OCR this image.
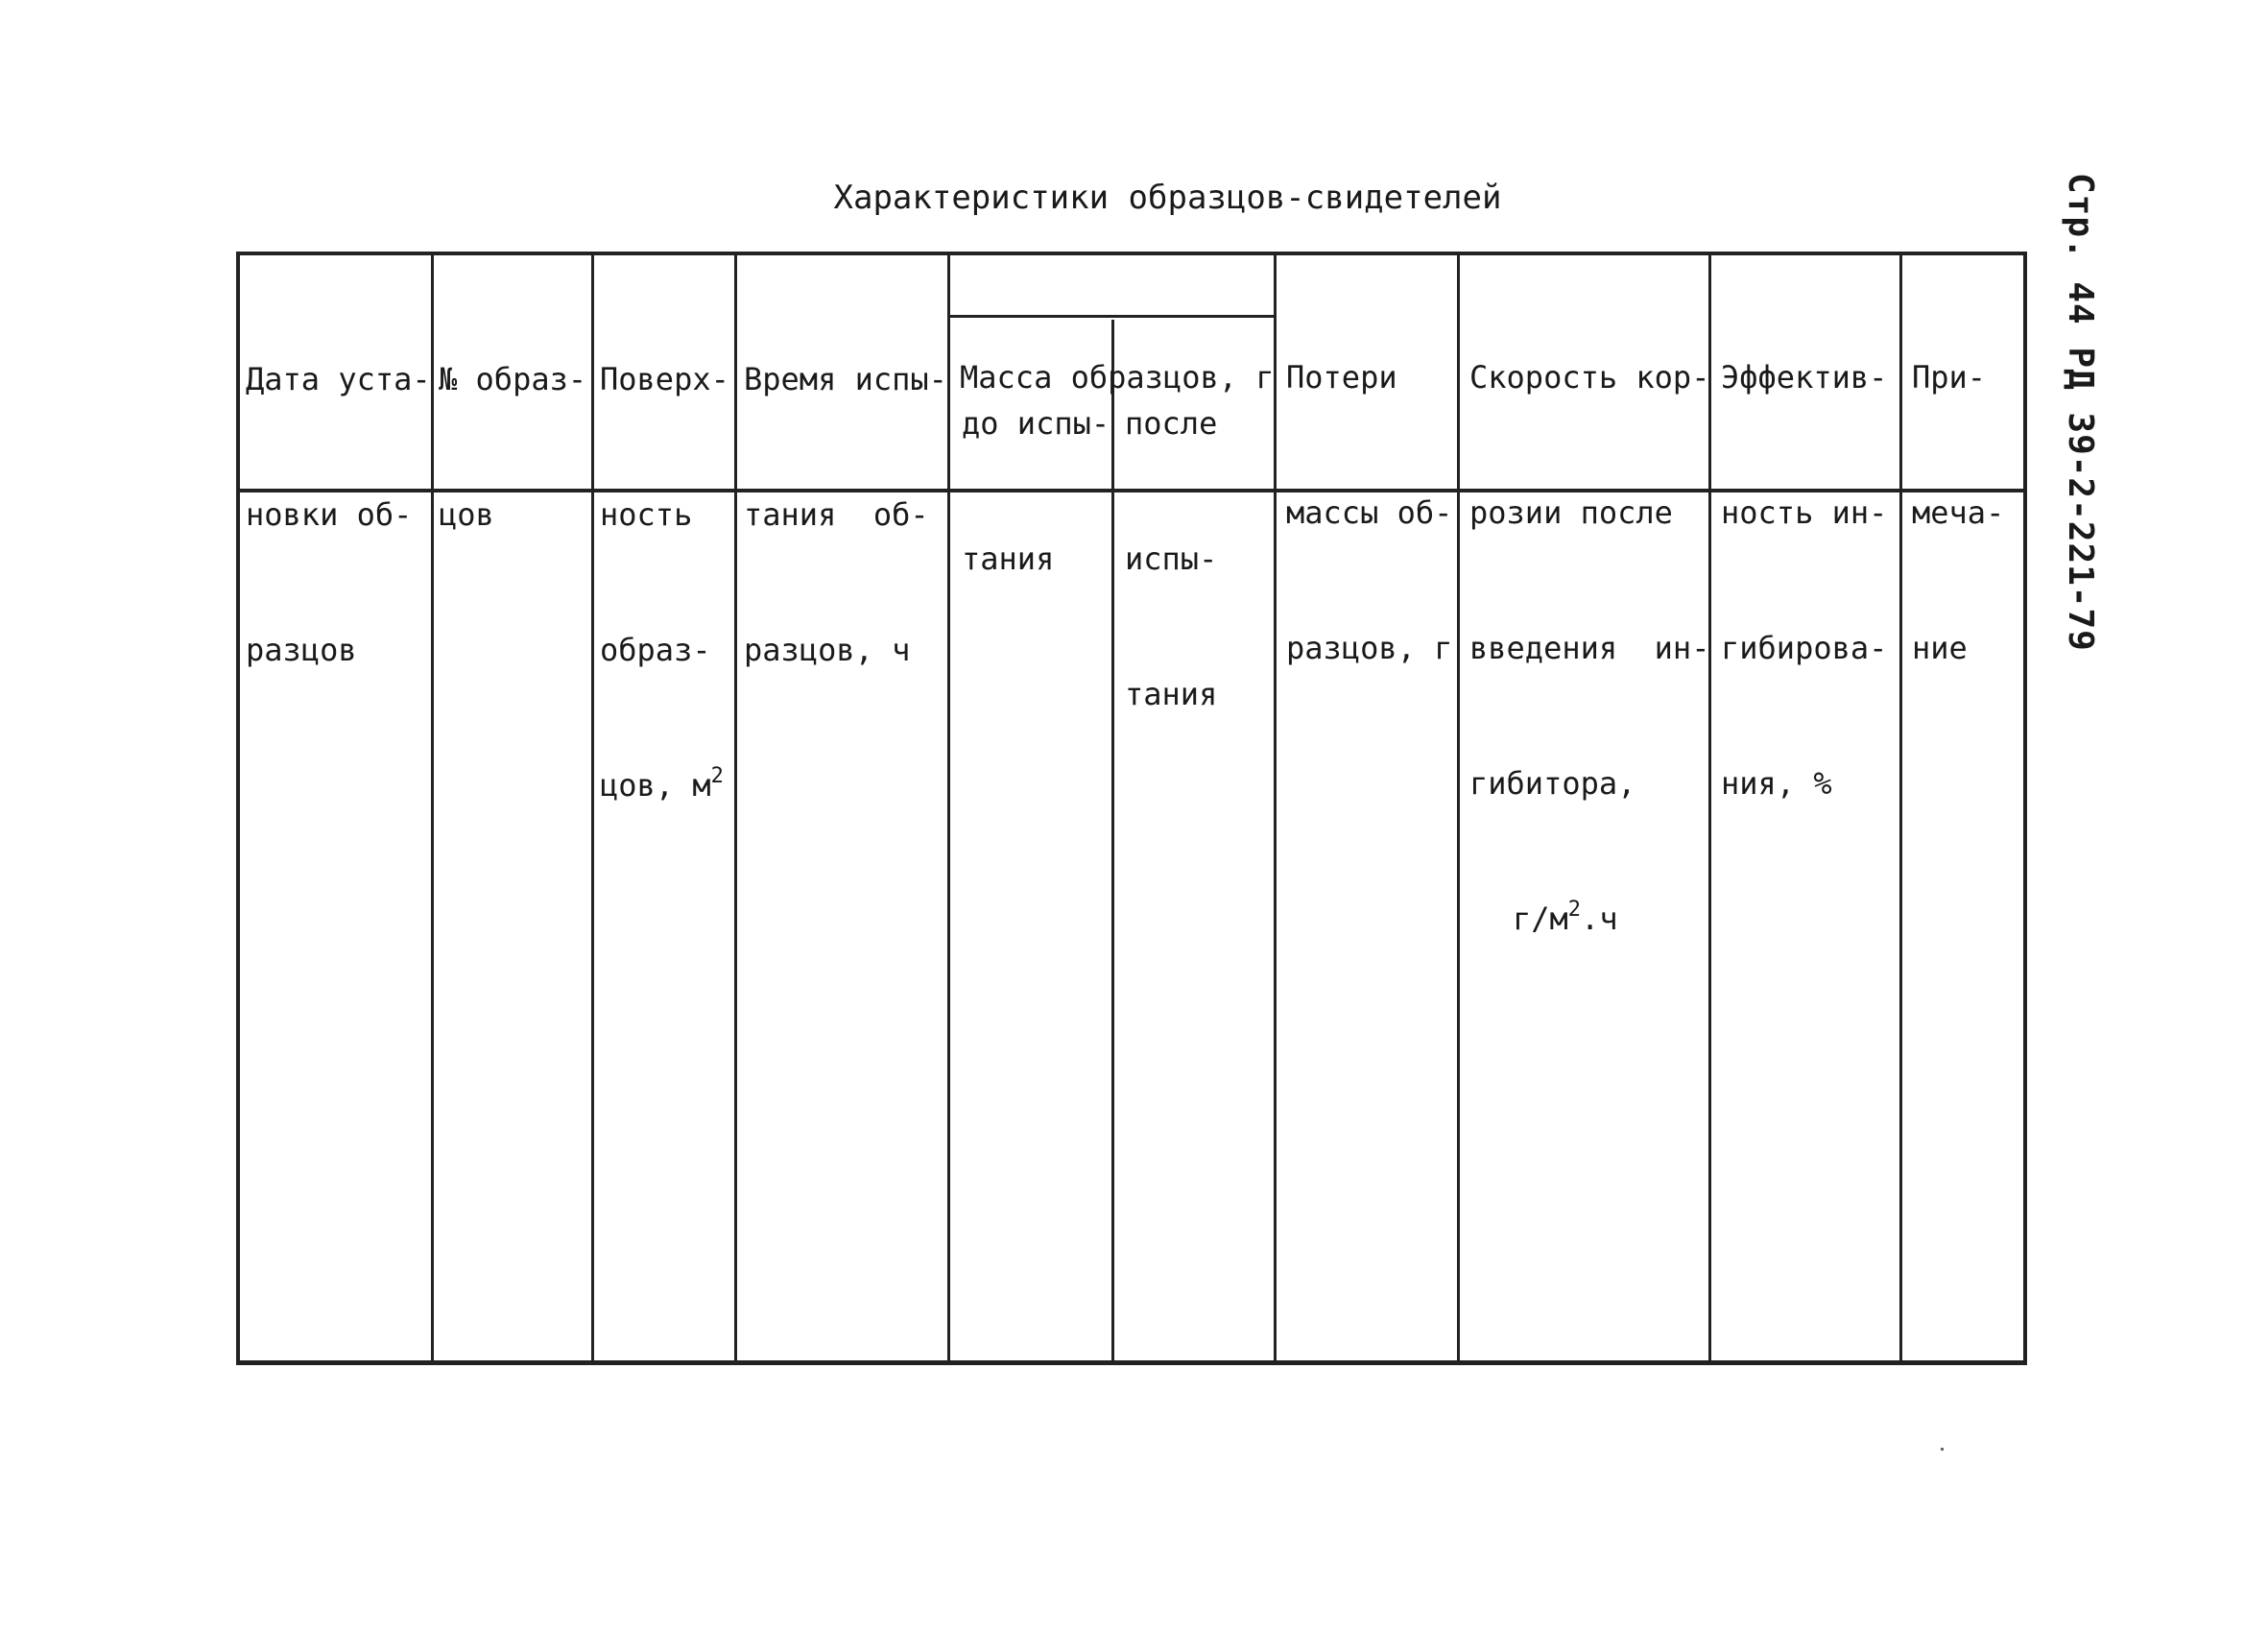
Характеристики образцов-свидетелей	Стр. 44 РД 39-2-221-79

Дата уста-

новки об-

разцов

№ образ-

цов

Поверх-

ность

образ-

цов, $м^2$

Время испы-

тания  об-

разцов, ч

Масса образцов, г

до испы-

тания

после

испы-

тания

Потери

массы об-

разцов, г

Скорость кор-

розии после

введения  ин-

гибитора,

$г/м^2.ч$

Эффектив-

ность ин-

гибирова-

ния, %

При-

меча-

ние
